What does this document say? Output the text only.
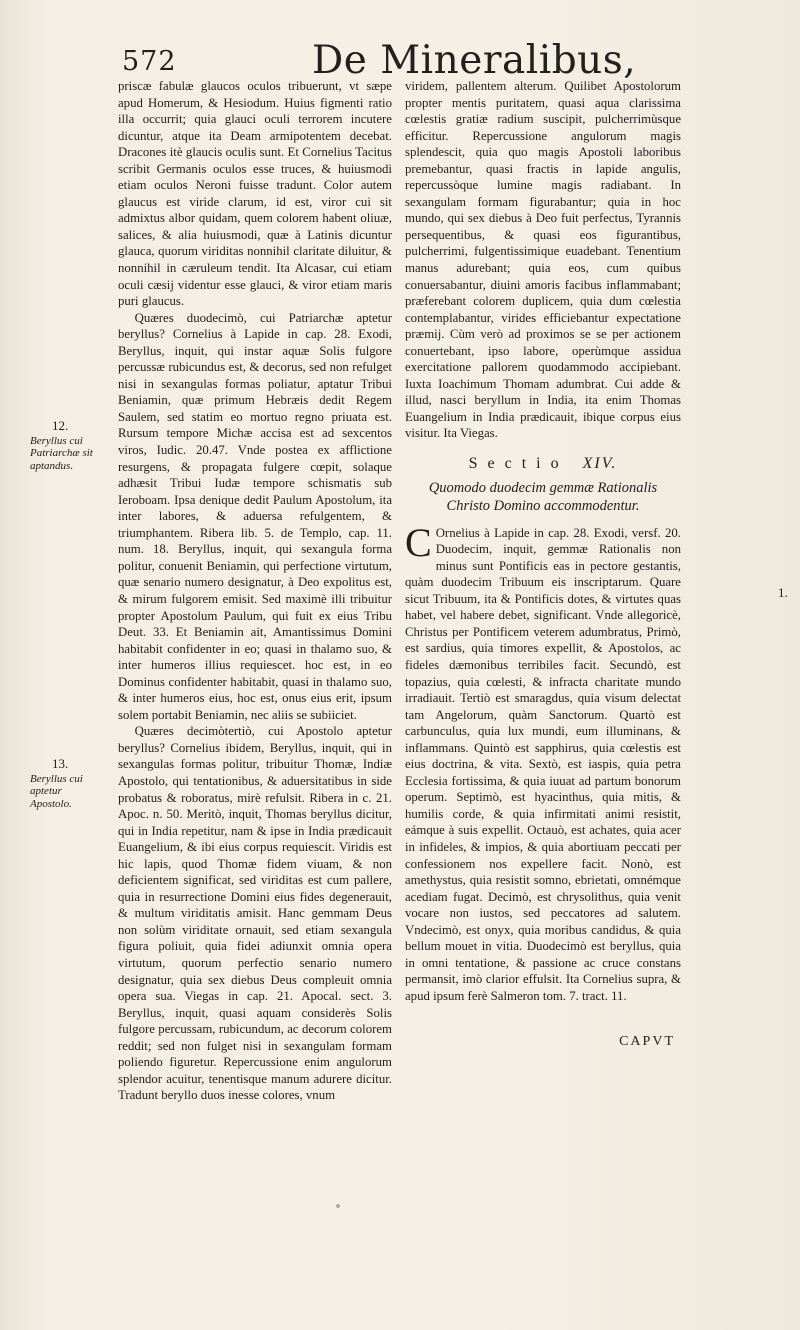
572	De Mineralibus,
12.
Beryllus cui Patriarchæ sit aptandus.
13.
Beryllus cui aptetur Apostolo.

priscæ fabulæ glaucos oculos tribuerunt, vt sæpe apud Homerum, & Hesiodum. Huius figmenti ratio illa occurrit; quia glauci oculi terrorem incutere dicuntur, atque ita Deam armipotentem decebat. Dracones itè glaucis oculis sunt. Et Cornelius Tacitus scribit Germanis oculos esse truces, & huiusmodi etiam oculos Neroni fuisse tradunt. Color autem glaucus est viride clarum, id est, viror cui sit admixtus albor quidam, quem colorem habent oliuæ, salices, & alia huiusmodi, quæ à Latinis dicuntur glauca, quorum viriditas nonnihil claritate diluitur, & nonnihil in cæruleum tendit. Ita Alcasar, cui etiam oculi cæsij videntur esse glauci, & viror etiam maris puri glaucus.

Quæres duodecimò, cui Patriarchæ aptetur beryllus? Cornelius à Lapide in cap. 28. Exodi, Beryllus, inquit, qui instar aquæ Solis fulgore percussæ rubicundus est, & decorus, sed non refulget nisi in sexangulas formas poliatur, aptatur Tribui Beniamin, quæ primum Hebræis dedit Regem Saulem, sed statim eo mortuo regno priuata est. Rursum tempore Michæ accisa est ad sexcentos viros, Iudic. 20.47. Vnde postea ex afflictione resurgens, & propagata fulgere cœpit, solaque adhæsit Tribui Iudæ tempore schismatis sub Ieroboam. Ipsa denique dedit Paulum Apostolum, ita inter labores, & aduersa refulgentem, & triumphantem. Ribera lib. 5. de Templo, cap. 11. num. 18. Beryllus, inquit, qui sexangula forma politur, conuenit Beniamin, qui perfectione virtutum, quæ senario numero designatur, à Deo expolitus est, & mirum fulgorem emisit. Sed maximè illi tribuitur propter Apostolum Paulum, qui fuit ex eius Tribu Deut. 33. Et Beniamin ait, Amantissimus Domini habitabit confidenter in eo; quasi in thalamo suo, & inter humeros illius requiescet. hoc est, in eo Dominus confidenter habitabit, quasi in thalamo suo, & inter humeros eius, hoc est, onus eius erit, ipsum solem portabit Beniamin, nec aliis se subiiciet.

Quæres decimòtertiò, cui Apostolo aptetur beryllus? Cornelius ibidem, Beryllus, inquit, qui in sexangulas formas politur, tribuitur Thomæ, Indiæ Apostolo, qui tentationibus, & aduersitatibus in side probatus & roboratus, mirè refulsit. Ribera in c. 21. Apoc. n. 50. Meritò, inquit, Thomas beryllus dicitur, qui in India repetitur, nam & ipse in India prædicauit Euangelium, & ibi eius corpus requiescit. Viridis est hic lapis, quod Thomæ fidem viuam, & non deficientem significat, sed viriditas est cum pallere, quia in resurrectione Domini eius fides degenerauit, & multum viriditatis amisit. Hanc gemmam Deus non solùm viriditate ornauit, sed etiam sexangula figura poliuit, quia fidei adiunxit omnia opera virtutum, quorum perfectio senario numero designatur, quia sex diebus Deus compleuit omnia opera sua. Viegas in cap. 21. Apocal. sect. 3. Beryllus, inquit, quasi aquam considerès Solis fulgore percussam, rubicundum, ac decorum colorem reddit; sed non fulget nisi in sexangulam formam poliendo figuretur. Repercussione enim angulorum splendor acuitur, tenentisque manum adurere dicitur. Tradunt beryllo duos inesse colores, vnum

viridem, pallentem alterum. Quilibet Apostolorum propter mentis puritatem, quasi aqua clarissima cœlestis gratiæ radium suscipit, pulcherrimùsque efficitur. Repercussione angulorum magis splendescit, quia quo magis Apostoli laboribus premebantur, quasi fractis in lapide angulis, repercussòque lumine magis radiabant. In sexangulam formam figurabantur; quia in hoc mundo, qui sex diebus à Deo fuit perfectus, Tyrannis persequentibus, & quasi eos figurantibus, pulcherrimi, fulgentissimique euadebant. Tenentium manus adurebant; quia eos, cum quibus conuersabantur, diuini amoris facibus inflammabant; præferebant colorem duplicem, quia dum cœlestia contemplabantur, virides efficiebantur expectatione præmij. Cùm verò ad proximos se se per actionem conuertebant, ipso labore, operùmque assidua exercitatione pallorem quodammodo accipiebant. Iuxta Ioachimum Thomam adumbrat. Cui adde & illud, nasci beryllum in India, ita enim Thomas Euangelium in India prædicauit, ibique corpus eius visitur. Ita Viegas.

Sectio XIV.
Quomodo duodecim gemmæ Rationalis Christo Domino accommodentur.

C Ornelius à Lapide in cap. 28. Exodi, versf. 20. Duodecim, inquit, gemmæ Rationalis non minus sunt Pontificis eas in pectore gestantis, quàm duodecim Tribuum eis inscriptarum. Quare sicut Tribuum, ita & Pontificis dotes, & virtutes quas habet, vel habere debet, significant. Vnde allegoricè, Christus per Pontificem veterem adumbratus, Primò, est sardius, quia timores expellit, & Apostolos, ac fideles dæmonibus terribiles facit. Secundò, est topazius, quia cœlesti, & infracta charitate mundo irradiauit. Tertiò est smaragdus, quia visum delectat tam Angelorum, quàm Sanctorum. Quartò est carbunculus, quia lux mundi, eum illuminans, & inflammans. Quintò est sapphirus, quia cœlestis est eius doctrina, & vita. Sextò, est iaspis, quia petra Ecclesia fortissima, & quia iuuat ad partum bonorum operum. Septimò, est hyacinthus, quia mitis, & humilis corde, & quia infirmitati animi resistit, eámque à suis expellit. Octauò, est achates, quia acer in infideles, & impios, & quia abortiuam peccati per confessionem nos expellere facit. Nonò, est amethystus, quia resistit somno, ebrietati, omnémque acediam fugat. Decimò, est chrysolithus, quia venit vocare non iustos, sed peccatores ad salutem. Vndecimò, est onyx, quia moribus candidus, & quia bellum mouet in vitia. Duodecimò est beryllus, quia in omni tentatione, & passione ac cruce constans permansit, imò clarior effulsit. Ita Cornelius supra, & apud ipsum ferè Salmeron tom. 7. tract. 11.

CAPVT
1.
